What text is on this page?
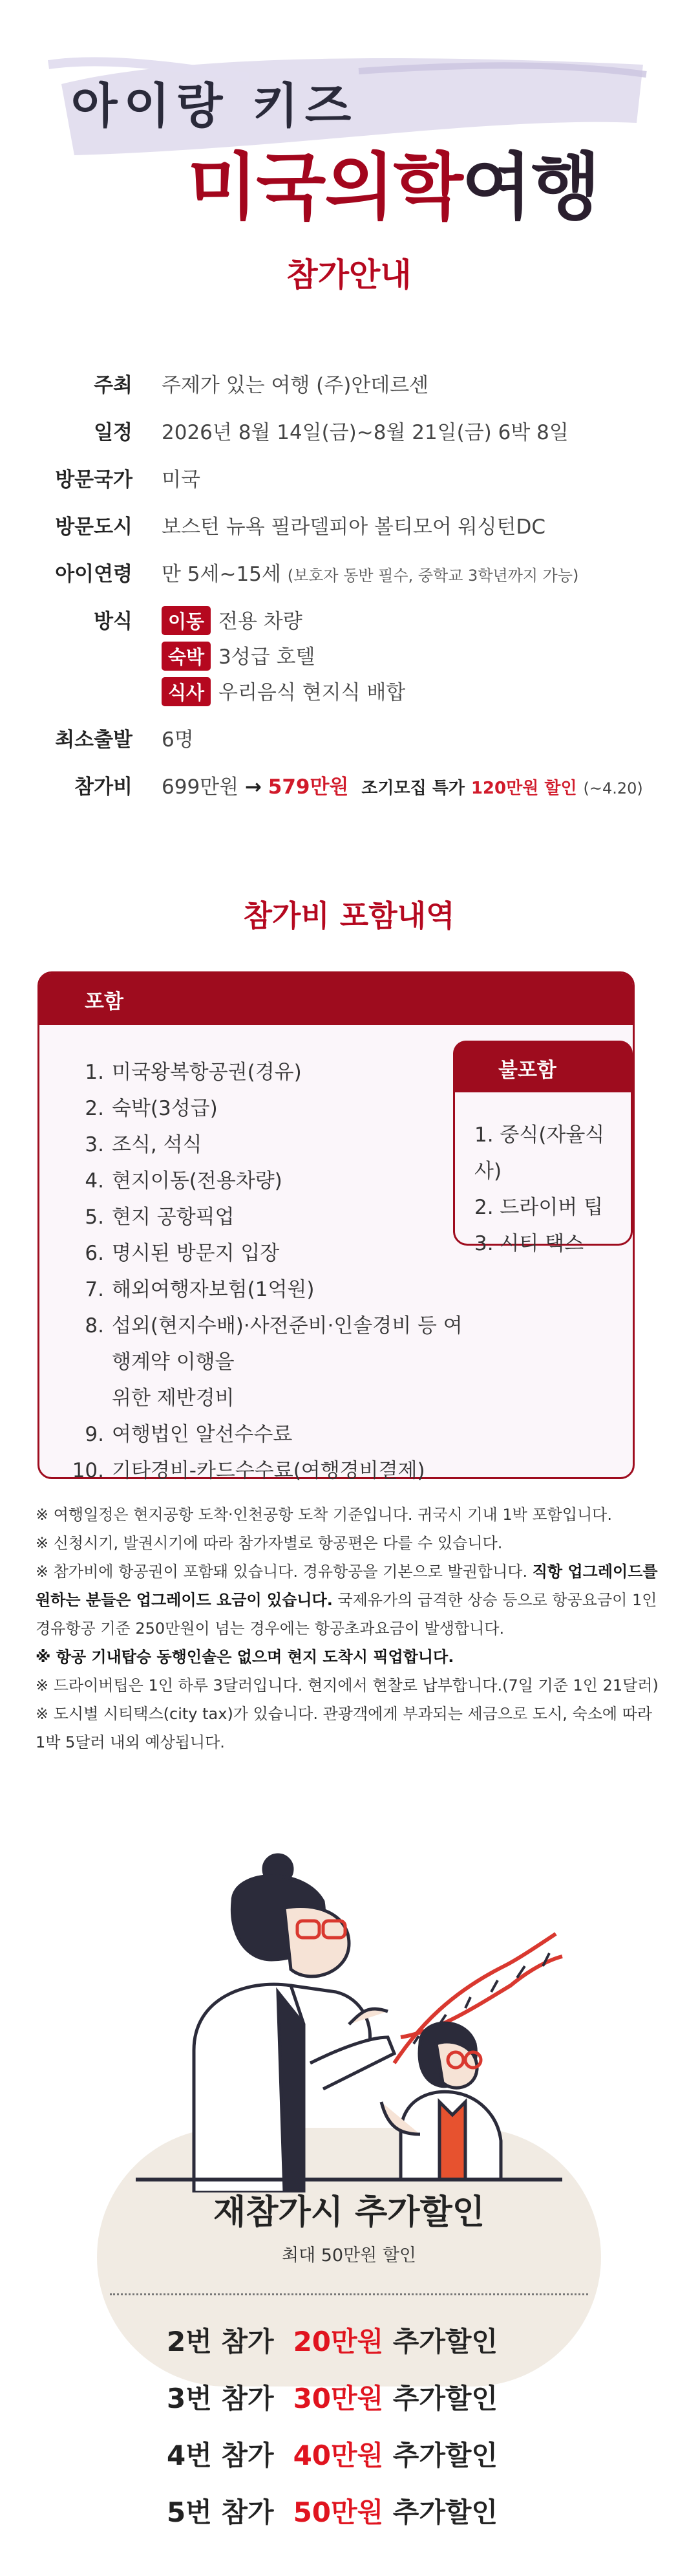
아이랑 키즈
미국의학여행
참가안내
주최 주제가 있는 여행 (주)안데르센
일정 2026년 8월 14일(금)~8월 21일(금) 6박 8일
방문국가 미국
방문도시 보스턴 뉴욕 필라델피아 볼티모어 워싱턴DC
아이연령 만 5세~15세 (보호자 동반 필수, 중학교 3학년까지 가능)
방식	이동 전용 차량
숙박 3성급 호텔
식사 우리음식 현지식 배합
최소출발 6명
참가비 699만원 → 579만원 조기모집 특가 120만원 할인 (~4.20)
참가비 포함내역
포함
1. 미국왕복항공권(경유)
2. 숙박(3성급)
3. 조식, 석식
4. 현지이동(전용차량)
5. 현지 공항픽업
6. 명시된 방문지 입장
7. 해외여행자보험(1억원)
8. 섭외(현지수배)·사전준비·인솔경비 등 여행계약 이행을
위한 제반경비
9. 여행법인 알선수수료
10. 기타경비-카드수수료(여행경비결제)
불포함
1. 중식(자율식사)
2. 드라이버 팁
3. 시티 택스

※ 여행일정은 현지공항 도착·인천공항 도착 기준입니다. 귀국시 기내 1박 포함입니다.

※ 신청시기, 발권시기에 따라 참가자별로 항공편은 다를 수 있습니다.

※ 참가비에 항공권이 포함돼 있습니다. 경유항공을 기본으로 발권합니다. 직항 업그레이드를 원하는 분들은 업그레이드 요금이 있습니다. 국제유가의 급격한 상승 등으로 항공요금이 1인 경유항공 기준 250만원이 넘는 경우에는 항공초과요금이 발생합니다.

※ 항공 기내탑승 동행인솔은 없으며 현지 도착시 픽업합니다.

※ 드라이버팁은 1인 하루 3달러입니다. 현지에서 현찰로 납부합니다.(7일 기준 1인 21달러)

※ 도시별 시티택스(city tax)가 있습니다. 관광객에게 부과되는 세금으로 도시, 숙소에 따라 1박 5달러 내외 예상됩니다.

재참가시 추가할인
최대 50만원 할인
2번 참가 20만원 추가할인
3번 참가 30만원 추가할인
4번 참가 40만원 추가할인
5번 참가 50만원 추가할인
